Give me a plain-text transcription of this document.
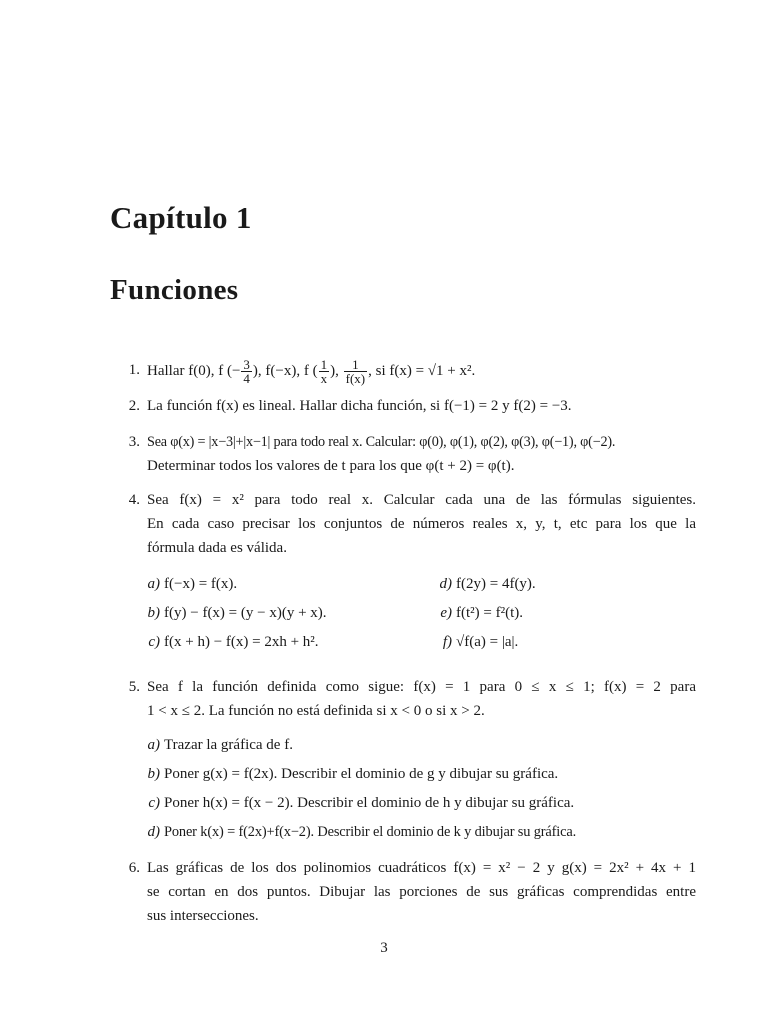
Capítulo 1
Funciones
1. Hallar f(0), f (− $\frac{3}{4}$ ), f(−x), f ( $\frac{1}{x}$ ), $\frac{1}{f(x)}$ , si f(x) = √1 + x².
2. La función f(x) es lineal. Hallar dicha función, si f(−1) = 2 y f(2) = −3.
3. Sea φ(x) = |x−3|+|x−1| para todo real x. Calcular: φ(0), φ(1), φ(2), φ(3), φ(−1), φ(−2).
Determinar todos los valores de t para los que φ(t + 2) = φ(t).
4. Sea f(x) = x² para todo real x. Calcular cada una de las fórmulas siguientes.
En cada caso precisar los conjuntos de números reales x, y, t, etc para los que la
fórmula dada es válida.
a) f(−x) = f(x).
b) f(y) − f(x) = (y − x)(y + x).
c) f(x + h) − f(x) = 2xh + h².
d) f(2y) = 4f(y).
e) f(t²) = f²(t).
f) √f(a) = |a|.
5. Sea f la función definida como sigue: f(x) = 1 para 0 ≤ x ≤ 1; f(x) = 2 para
1 < x ≤ 2. La función no está definida si x < 0 o si x > 2.
a) Trazar la gráfica de f.
b) Poner g(x) = f(2x). Describir el dominio de g y dibujar su gráfica.
c) Poner h(x) = f(x − 2). Describir el dominio de h y dibujar su gráfica.
d) Poner k(x) = f(2x)+f(x−2). Describir el dominio de k y dibujar su gráfica.
6. Las gráficas de los dos polinomios cuadráticos f(x) = x² − 2 y g(x) = 2x² + 4x + 1
se cortan en dos puntos. Dibujar las porciones de sus gráficas comprendidas entre
sus intersecciones.
3
